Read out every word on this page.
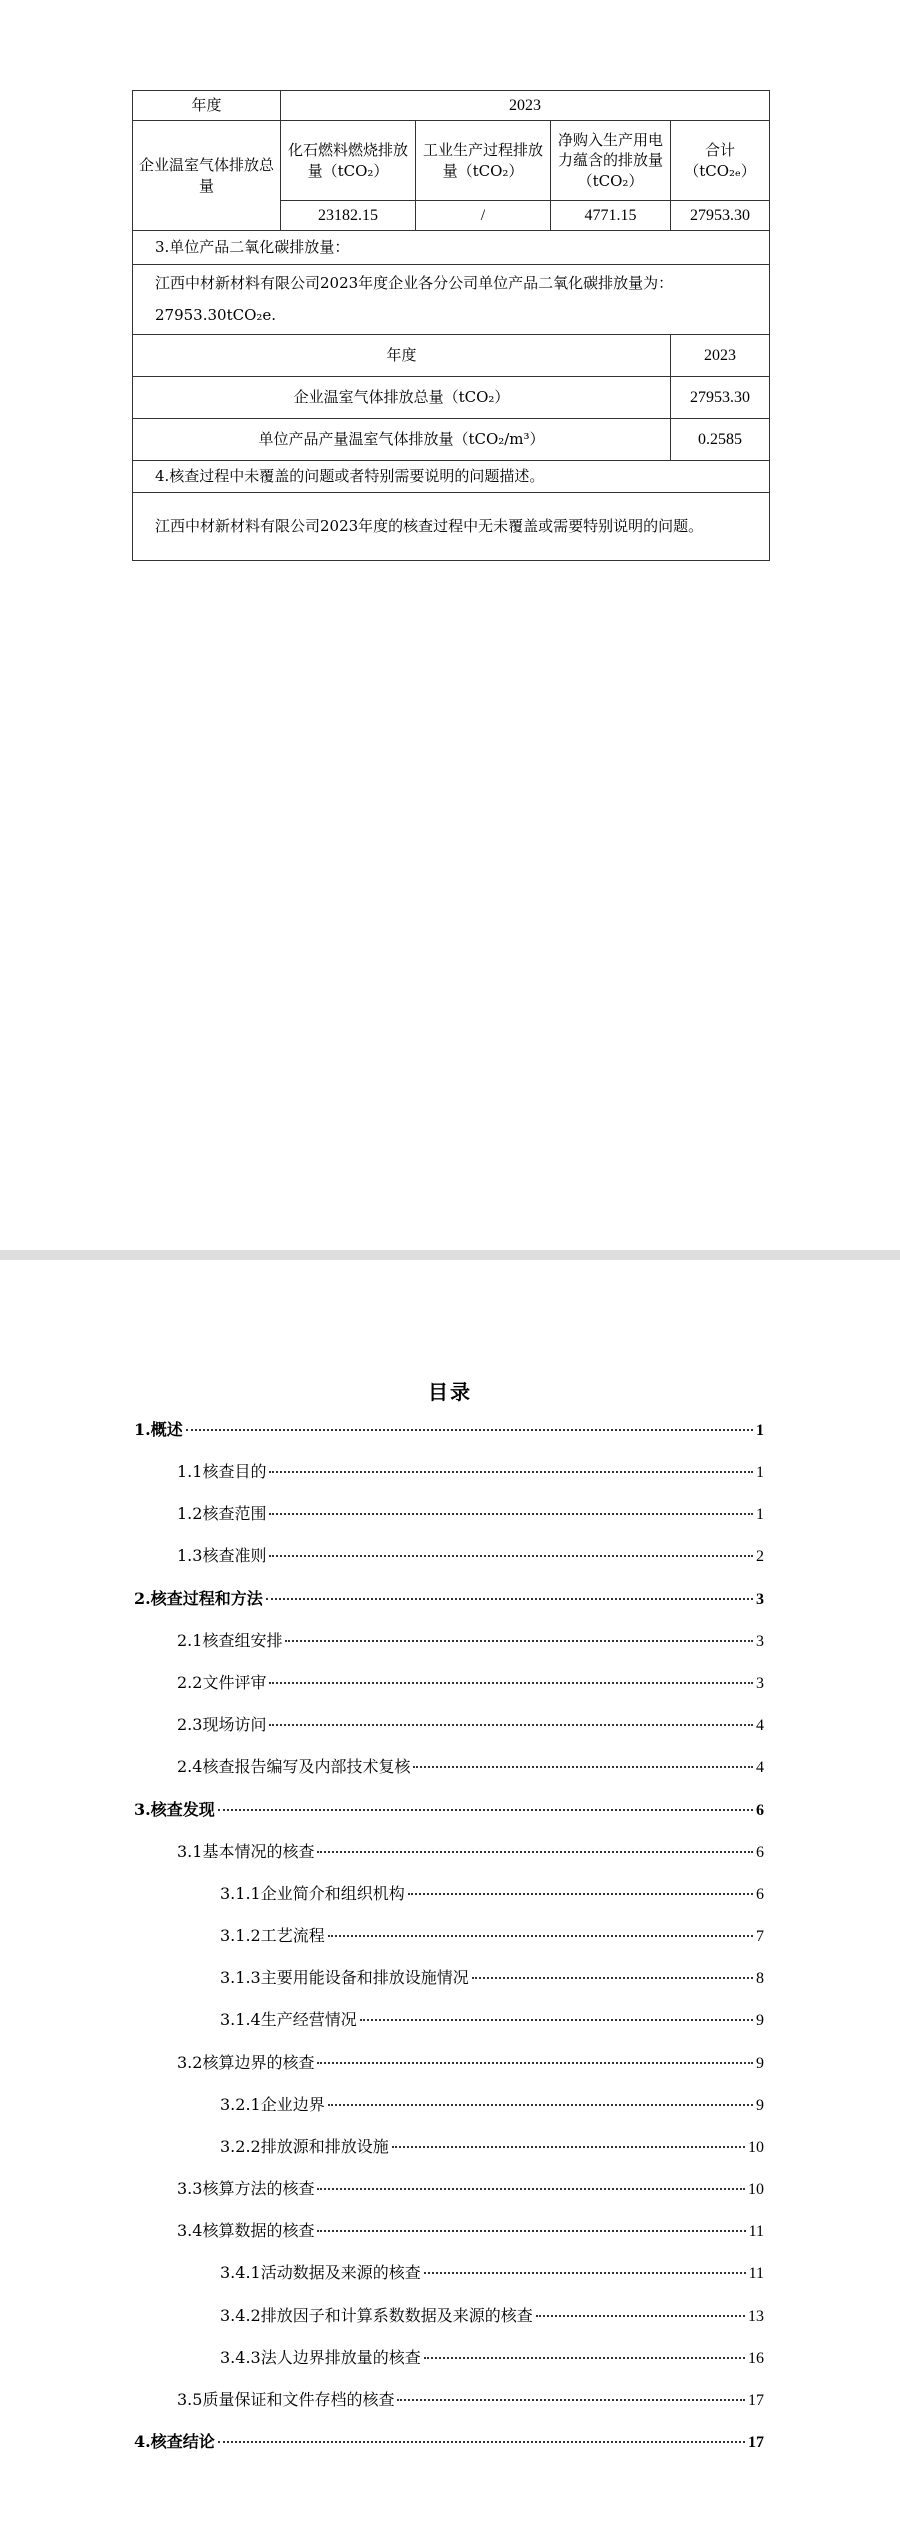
年度	2023			
企业温室气体排放总量	化石燃料燃烧排放量（tCO₂）	工业生产过程排放量（tCO₂）	净购入生产用电力蕴含的排放量（tCO₂）	合计（tCO₂ₑ）
	23182.15	/	4771.15	27953.30
3.单位产品二氧化碳排放量：				
江西中材新材料有限公司2023年度企业各分公司单位产品二氧化碳排放量为：27953.30tCO₂e.				
年度				2023
企业温室气体排放总量（tCO₂）				27953.30
单位产品产量温室气体排放量（tCO₂/m³）				0.2585
4.核查过程中未覆盖的问题或者特别需要说明的问题描述。				
江西中材新材料有限公司2023年度的核查过程中无未覆盖或需要特别说明的问题。				
目录
1.概述	1
1.1核查目的	1
1.2核查范围	1
1.3核查准则	2
2.核查过程和方法	3
2.1核查组安排	3
2.2文件评审	3
2.3现场访问	4
2.4核查报告编写及内部技术复核	4
3.核查发现	6
3.1基本情况的核查	6
3.1.1企业简介和组织机构	6
3.1.2工艺流程	7
3.1.3主要用能设备和排放设施情况	8
3.1.4生产经营情况	9
3.2核算边界的核查	9
3.2.1企业边界	9
3.2.2排放源和排放设施	10
3.3核算方法的核查	10
3.4核算数据的核查	11
3.4.1活动数据及来源的核查	11
3.4.2排放因子和计算系数数据及来源的核查	13
3.4.3法人边界排放量的核查	16
3.5质量保证和文件存档的核查	17
4.核查结论	17
